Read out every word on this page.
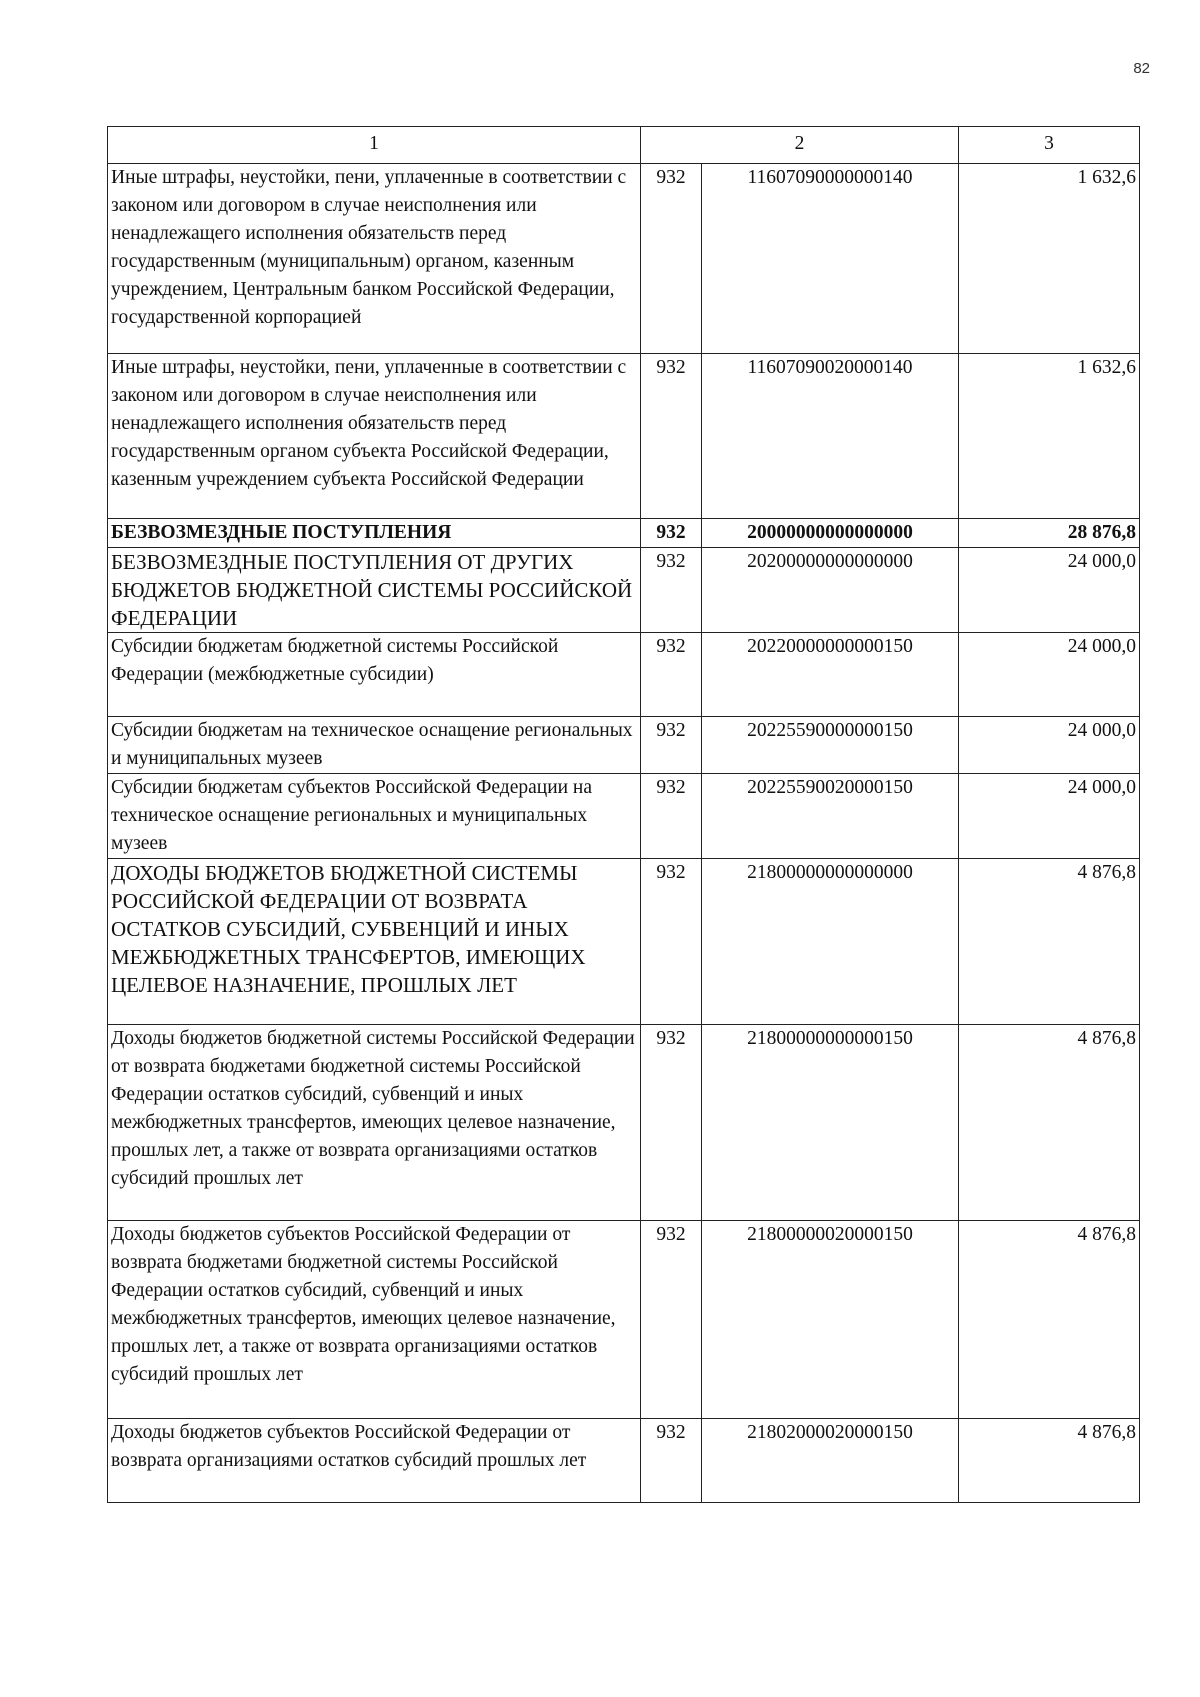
82
1	2		3
Иные штрафы, неустойки, пени, уплаченные в соответствии с законом или договором в случае неисполнения или ненадлежащего исполнения обязательств перед государственным (муниципальным) органом, казенным учреждением, Центральным банком Российской Федерации, государственной корпорацией	932	11607090000000140	1 632,6
Иные штрафы, неустойки, пени, уплаченные в соответствии с законом или договором в случае неисполнения или ненадлежащего исполнения обязательств перед государственным органом субъекта Российской Федерации, казенным учреждением субъекта Российской Федерации	932	11607090020000140	1 632,6
БЕЗВОЗМЕЗДНЫЕ ПОСТУПЛЕНИЯ	932	20000000000000000	28 876,8
БЕЗВОЗМЕЗДНЫЕ ПОСТУПЛЕНИЯ ОТ ДРУГИХ БЮДЖЕТОВ БЮДЖЕТНОЙ СИСТЕМЫ РОССИЙСКОЙ ФЕДЕРАЦИИ	932	20200000000000000	24 000,0
Субсидии бюджетам бюджетной системы Российской Федерации (межбюджетные субсидии)	932	20220000000000150	24 000,0
Субсидии бюджетам на техническое оснащение региональных и муниципальных музеев	932	20225590000000150	24 000,0
Субсидии бюджетам субъектов Российской Федерации на техническое оснащение региональных и муниципальных музеев	932	20225590020000150	24 000,0
ДОХОДЫ БЮДЖЕТОВ БЮДЖЕТНОЙ СИСТЕМЫ РОССИЙСКОЙ ФЕДЕРАЦИИ ОТ ВОЗВРАТА ОСТАТКОВ СУБСИДИЙ, СУБВЕНЦИЙ И ИНЫХ МЕЖБЮДЖЕТНЫХ ТРАНСФЕРТОВ, ИМЕЮЩИХ ЦЕЛЕВОЕ НАЗНАЧЕНИЕ, ПРОШЛЫХ ЛЕТ	932	21800000000000000	4 876,8
Доходы бюджетов бюджетной системы Российской Федерации от возврата бюджетами бюджетной системы Российской Федерации остатков субсидий, субвенций и иных межбюджетных трансфертов, имеющих целевое назначение, прошлых лет, а также от возврата организациями остатков субсидий прошлых лет	932	21800000000000150	4 876,8
Доходы бюджетов субъектов Российской Федерации от возврата бюджетами бюджетной системы Российской Федерации остатков субсидий, субвенций и иных межбюджетных трансфертов, имеющих целевое назначение, прошлых лет, а также от возврата организациями остатков субсидий прошлых лет	932	21800000020000150	4 876,8
Доходы бюджетов субъектов Российской Федерации от возврата организациями остатков субсидий прошлых лет	932	21802000020000150	4 876,8
